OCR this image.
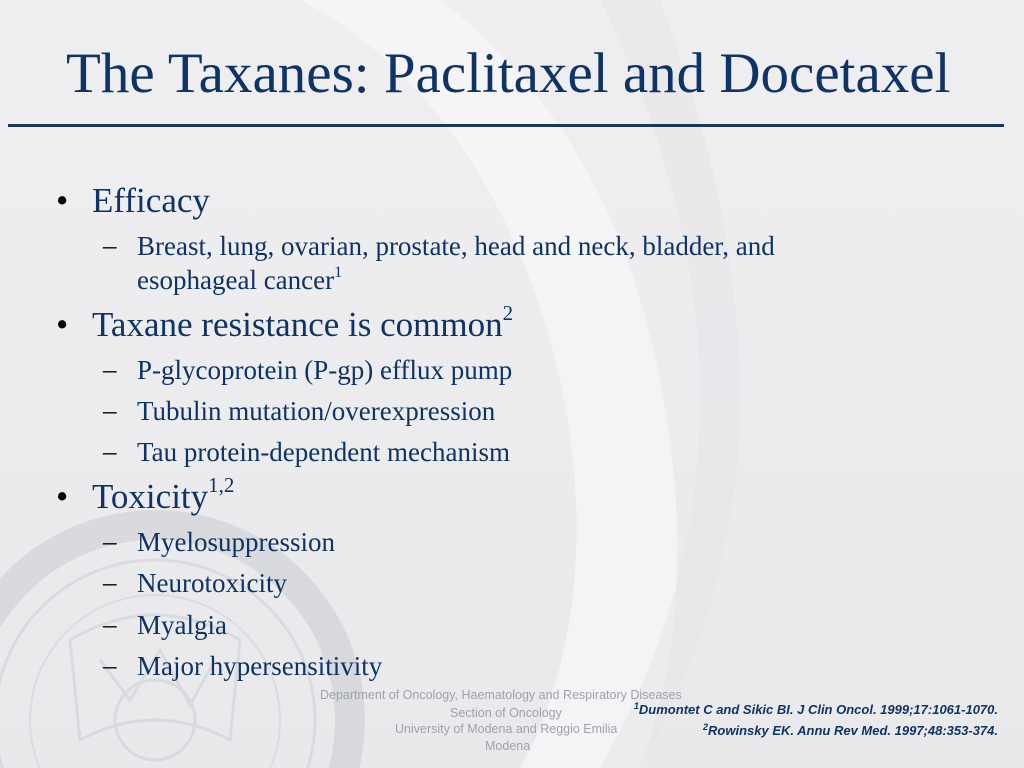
The Taxanes: Paclitaxel and Docetaxel
• Efficacy
– Breast, lung, ovarian, prostate, head and neck, bladder, and
esophageal cancer$^1$
• Taxane resistance is common$^2$
– P-glycoprotein (P-gp) efflux pump
– Tubulin mutation/overexpression
– Tau protein-dependent mechanism
• Toxicity$^{1,2}$
– Myelosuppression
– Neurotoxicity
– Myalgia
– Major hypersensitivity
Department of Oncology, Haematology and Respiratory Diseases
Section of Oncology
University of Modena and Reggio Emilia
Modena
$^1$Dumontet C and Sikic BI. J Clin Oncol. 1999;17:1061-1070.
$^2$Rowinsky EK. Annu Rev Med. 1997;48:353-374.
